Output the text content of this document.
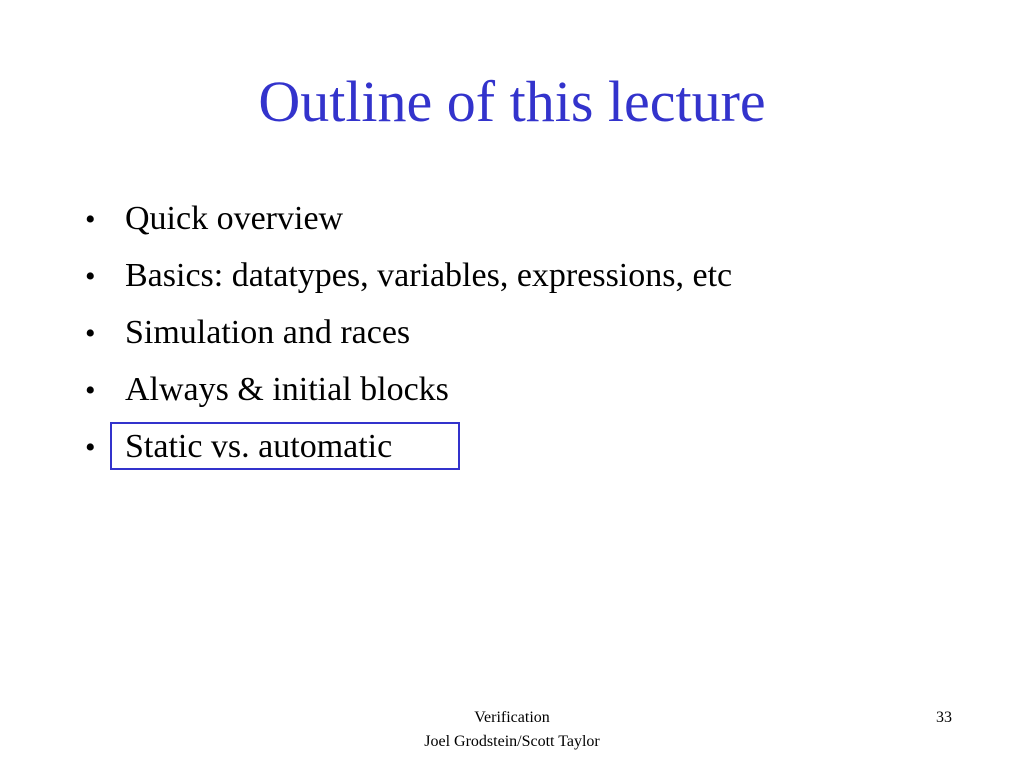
Outline of this lecture
• Quick overview
• Basics: datatypes, variables, expressions, etc
• Simulation and races
• Always & initial blocks
• Static vs. automatic
Verification
Joel Grodstein/Scott Taylor
33
